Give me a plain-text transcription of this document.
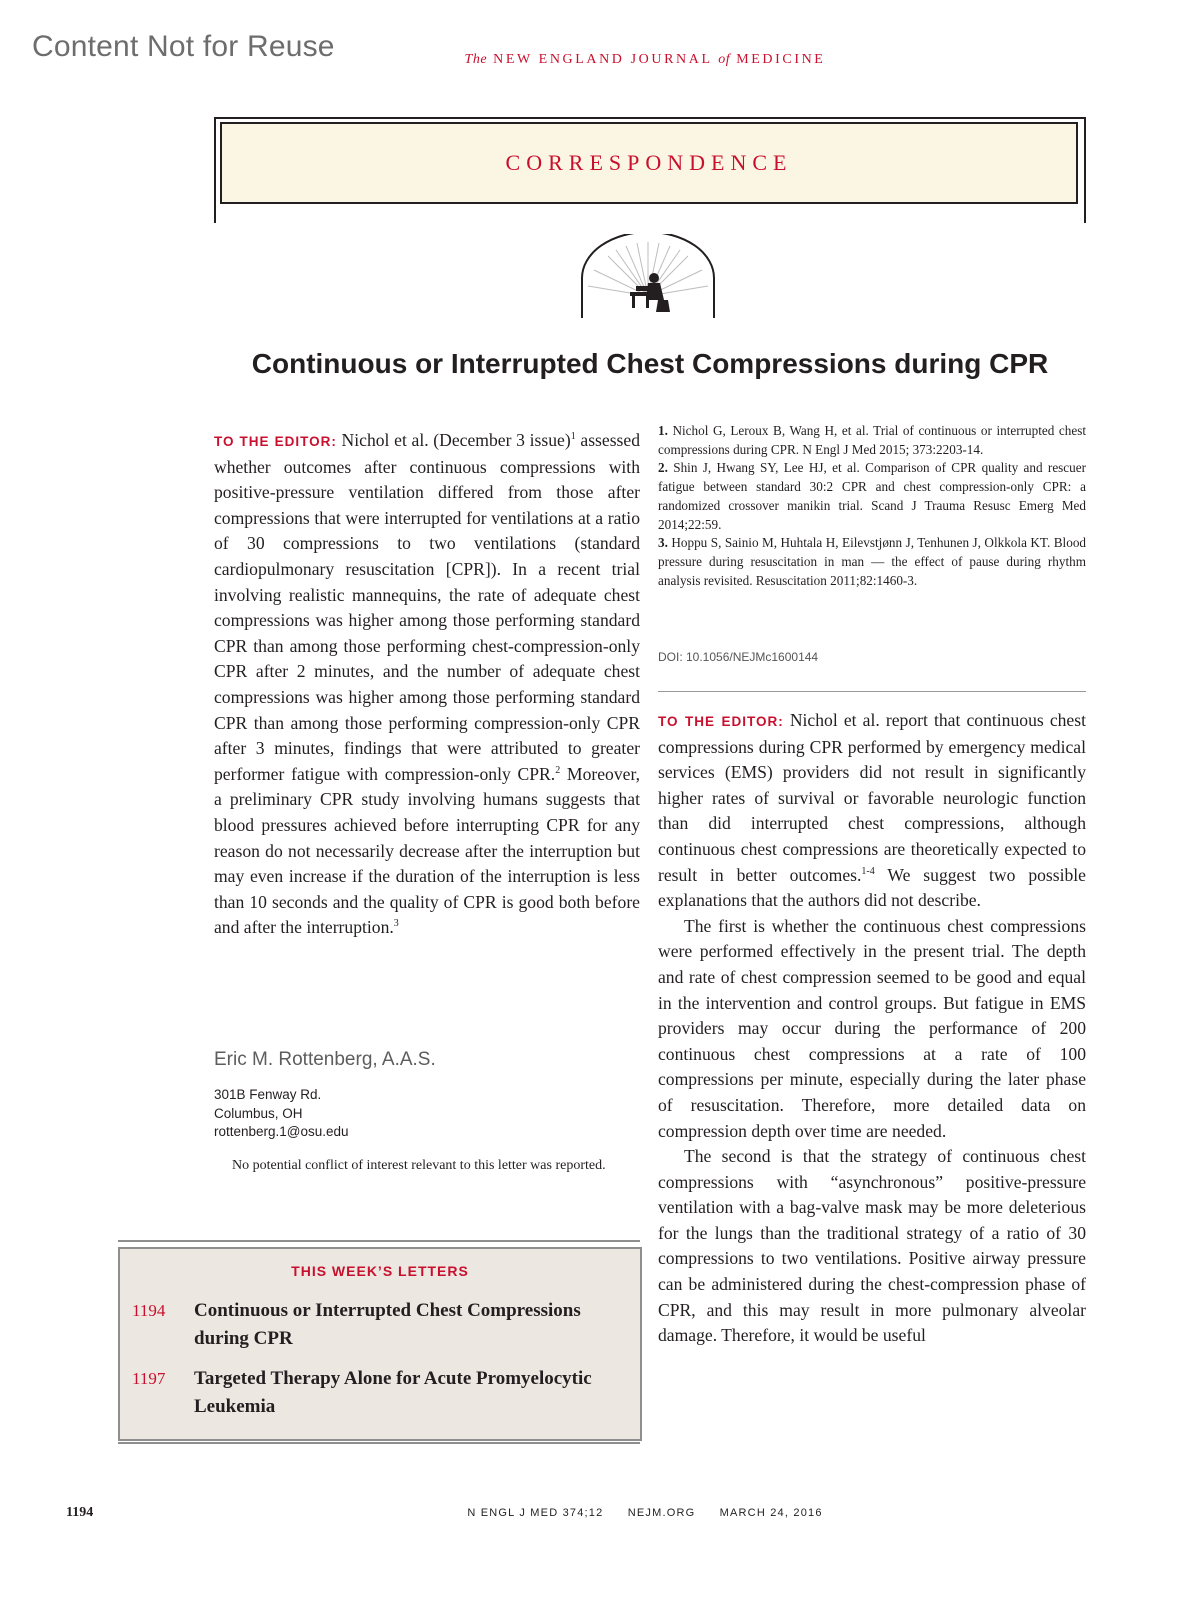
Content Not for Reuse	The NEW ENGLAND JOURNAL of MEDICINE
CORRESPONDENCE
Continuous or Interrupted Chest Compressions during CPR

TO THE EDITOR: Nichol et al. (December 3 issue)$^1$ assessed whether outcomes after continuous compressions with positive-pressure ventilation differed from those after compressions that were interrupted for ventilations at a ratio of 30 compressions to two ventilations (standard cardiopulmonary resuscitation [CPR]). In a recent trial involving realistic mannequins, the rate of adequate chest compressions was higher among those performing standard CPR than among those performing chest-compression-only CPR after 2 minutes, and the number of adequate chest compressions was higher among those performing standard CPR than among those performing compression-only CPR after 3 minutes, findings that were attributed to greater performer fatigue with compression-only CPR.$^2$ Moreover, a preliminary CPR study involving humans suggests that blood pressures achieved before interrupting CPR for any reason do not necessarily decrease after the interruption but may even increase if the duration of the interruption is less than 10 seconds and the quality of CPR is good both before and after the interruption.$^3$

Eric M. Rottenberg, A.A.S.
301B Fenway Rd.
Columbus, OH
rottenberg.1@osu.edu
No potential conflict of interest relevant to this letter was reported.

1. Nichol G, Leroux B, Wang H, et al. Trial of continuous or interrupted chest compressions during CPR. N Engl J Med 2015; 373:2203-14.

2. Shin J, Hwang SY, Lee HJ, et al. Comparison of CPR quality and rescuer fatigue between standard 30:2 CPR and chest compression-only CPR: a randomized crossover manikin trial. Scand J Trauma Resusc Emerg Med 2014;22:59.

3. Hoppu S, Sainio M, Huhtala H, Eilevstjønn J, Tenhunen J, Olkkola KT. Blood pressure during resuscitation in man — the effect of pause during rhythm analysis revisited. Resuscitation 2011;82:1460-3.

DOI: 10.1056/NEJMc1600144

TO THE EDITOR: Nichol et al. report that continuous chest compressions during CPR performed by emergency medical services (EMS) providers did not result in significantly higher rates of survival or favorable neurologic function than did interrupted chest compressions, although continuous chest compressions are theoretically expected to result in better outcomes.$^{1-4}$ We suggest two possible explanations that the authors did not describe.

The first is whether the continuous chest compressions were performed effectively in the present trial. The depth and rate of chest compression seemed to be good and equal in the intervention and control groups. But fatigue in EMS providers may occur during the performance of 200 continuous chest compressions at a rate of 100 compressions per minute, especially during the later phase of resuscitation. Therefore, more detailed data on compression depth over time are needed.

The second is that the strategy of continuous chest compressions with “asynchronous” positive-pressure ventilation with a bag-valve mask may be more deleterious for the lungs than the traditional strategy of a ratio of 30 compressions to two ventilations. Positive airway pressure can be administered during the chest-compression phase of CPR, and this may result in more pulmonary alveolar damage. Therefore, it would be useful

THIS WEEK’S LETTERS
1194	Continuous or Interrupted Chest Compressions during CPR
1197	Targeted Therapy Alone for Acute Promyelocytic Leukemia
1194	N ENGL J MED 374;12 NEJM.ORG MARCH 24, 2016
